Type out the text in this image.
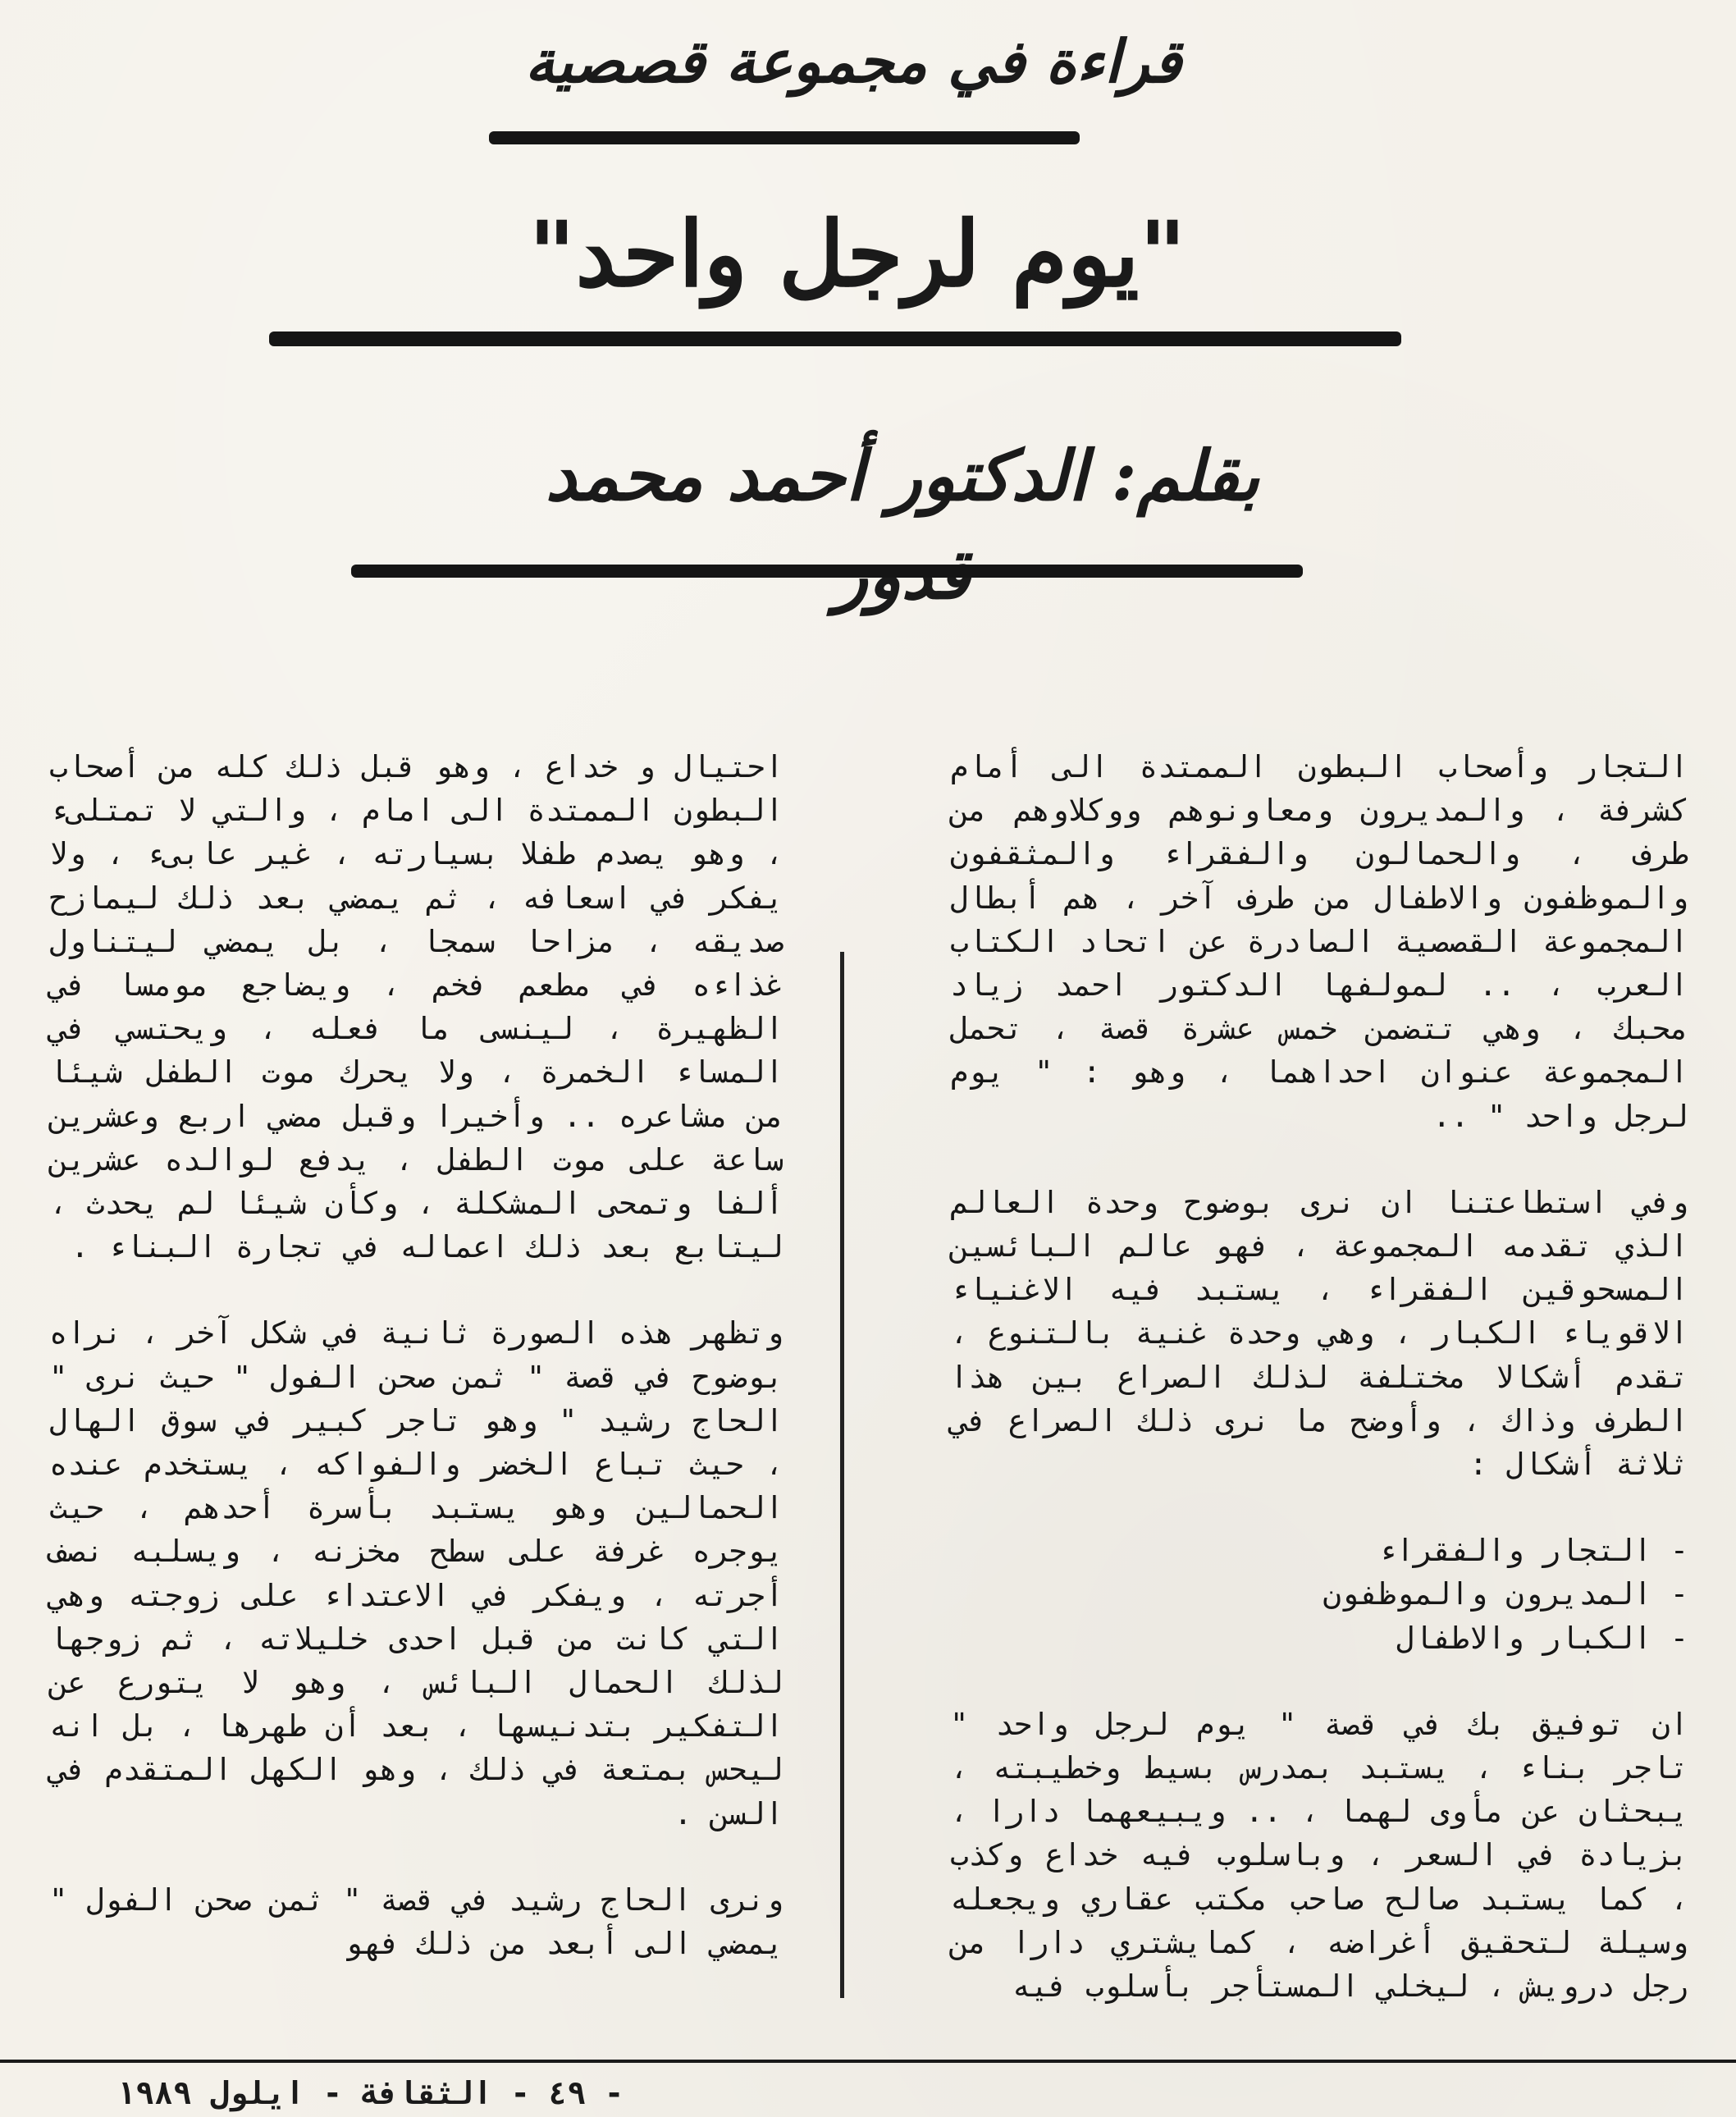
قراءة في مجموعة قصصية
"يوم لرجل واحد"
بقلم: الدكتور أحمد محمد

التجار وأصحاب البطون الممتدة الى أمام كشرفة ، والمديرون ومعاونوهم ووكلاوهم من طرف ، والحمالون والفقراء والمثقفون والموظفون والاطفال من طرف آخر ، هم أبطال المجموعة القصصية الصادرة عن اتحاد الكتاب العرب ، .. لمولفها الدكتور احمد زياد محبك ، وهي تتضمن خمس عشرة قصة ، تحمل المجموعة عنوان احداهما ، وهو : " يوم لرجل واحد " ..

وفي استطاعتنا ان نرى بوضوح وحدة العالم الذي تقدمه المجموعة ، فهو عالم البائسين المسحوقين الفقراء ، يستبد فيه الاغنياء الاقوياء الكبار ، وهي وحدة غنية بالتنوع ، تقدم أشكالا مختلفة لذلك الصراع بين هذا الطرف وذاك ، وأوضح ما نرى ذلك الصراع في ثلاثة أشكال :

- التجار والفقراء
- المديرون والموظفون
- الكبار والاطفال

ان توفيق بك في قصة " يوم لرجل واحد " تاجر بناء ، يستبد بمدرس بسيط وخطيبته ، يبحثان عن مأوى لهما ، .. ويبيعهما دارا ، بزيادة في السعر ، وباسلوب فيه خداع وكذب ، كما يستبد صالح صاحب مكتب عقاري ويجعله وسيلة لتحقيق أغراضه ، كمايشتري دارا من رجل درويش ، ليخلي المستأجر بأسلوب فيه

احتيال و خداع ، وهو قبل ذلك كله من أصحاب البطون الممتدة الى امام ، والتي لا تمتلىء ، وهو يصدم طفلا بسيارته ، غير عابىء ، ولا يفكر في اسعافه ، ثم يمضي بعد ذلك ليمازح صديقه ، مزاحا سمجا ، بل يمضي ليتناول غذاءه في مطعم فخم ، ويضاجع مومسا في الظهيرة ، لينسى ما فعله ، ويحتسي في المساء الخمرة ، ولا يحرك موت الطفل شيئا من مشاعره .. وأخيرا وقبل مضي اربع وعشرين ساعة على موت الطفل ، يدفع لوالده عشرين ألفا وتمحى المشكلة ، وكأن شيئا لم يحدث ، ليتابع بعد ذلك اعماله في تجارة البناء .

وتظهر هذه الصورة ثانية في شكل آخر ، نراه بوضوح في قصة " ثمن صحن الفول " حيث نرى " الحاج رشيد " وهو تاجر كبير في سوق الهال ، حيث تباع الخضر والفواكه ، يستخدم عنده الحمالين وهو يستبد بأسرة أحدهم ، حيث يوجره غرفة على سطح مخزنه ، ويسلبه نصف أجرته ، ويفكر في الاعتداء على زوجته وهي التي كانت من قبل احدى خليلاته ، ثم زوجها لذلك الحمال البائس ، وهو لا يتورع عن التفكير بتدنيسها ، بعد أن طهرها ، بل انه ليحس بمتعة في ذلك ، وهو الكهل المتقدم في السن .

ونرى الحاج رشيد في قصة " ثمن صحن الفول " يمضي الى أبعد من ذلك فهو

- ٤٩ - الثقافة - ايلول ١٩٨٩
